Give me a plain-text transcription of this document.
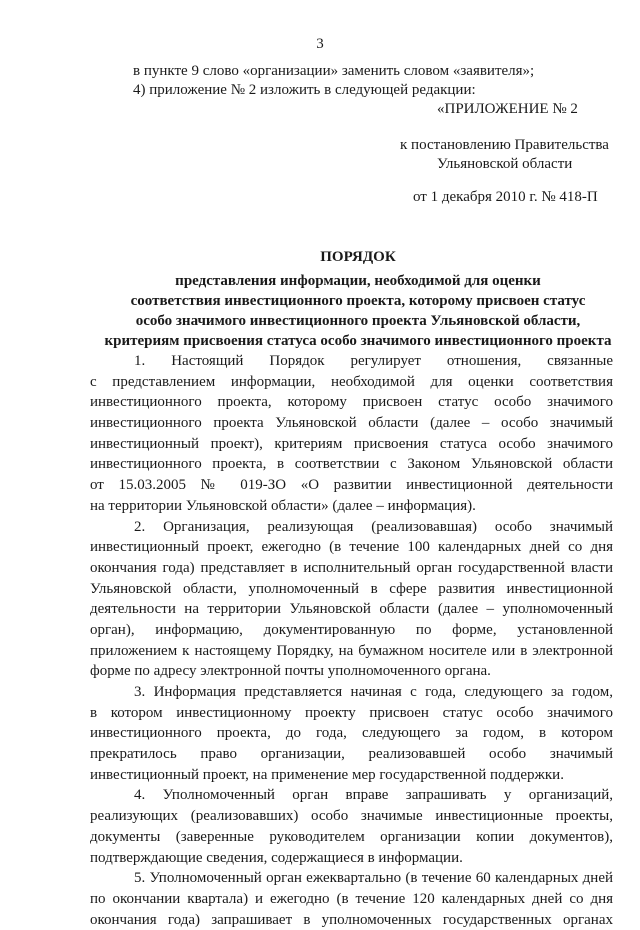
3
в пункте 9 слово «организации» заменить словом «заявителя»;
4) приложение № 2 изложить в следующей редакции:
«ПРИЛОЖЕНИЕ № 2
к постановлению Правительства
Ульяновской области
от 1 декабря 2010 г. № 418-П
ПОРЯДОК
представления информации, необходимой для оценки
соответствия инвестиционного проекта, которому присвоен статус
особо значимого инвестиционного проекта Ульяновской области,
критериям присвоения статуса особо значимого инвестиционного проекта
1. Настоящий Порядок регулирует отношения, связанные
с представлением информации, необходимой для оценки соответствия
инвестиционного проекта, которому присвоен статус особо значимого
инвестиционного проекта Ульяновской области (далее – особо значимый
инвестиционный проект), критериям присвоения статуса особо значимого
инвестиционного проекта, в соответствии с Законом Ульяновской области
от 15.03.2005 № 019-ЗО «О развитии инвестиционной деятельности
на территории Ульяновской области» (далее – информация).
2. Организация, реализующая (реализовавшая) особо значимый
инвестиционный проект, ежегодно (в течение 100 календарных дней со дня
окончания года) представляет в исполнительный орган государственной власти
Ульяновской области, уполномоченный в сфере развития инвестиционной
деятельности на территории Ульяновской области (далее – уполномоченный
орган), информацию, документированную по форме, установленной
приложением к настоящему Порядку, на бумажном носителе или в электронной
форме по адресу электронной почты уполномоченного органа.
3. Информация представляется начиная с года, следующего за годом,
в котором инвестиционному проекту присвоен статус особо значимого
инвестиционного проекта, до года, следующего за годом, в котором
прекратилось право организации, реализовавшей особо значимый
инвестиционный проект, на применение мер государственной поддержки.
4. Уполномоченный орган вправе запрашивать у организаций,
реализующих (реализовавших) особо значимые инвестиционные проекты,
документы (заверенные руководителем организации копии документов),
подтверждающие сведения, содержащиеся в информации.
5. Уполномоченный орган ежеквартально (в течение 60 календарных дней
по окончании квартала) и ежегодно (в течение 120 календарных дней со дня
окончания года) запрашивает в уполномоченных государственных органах
